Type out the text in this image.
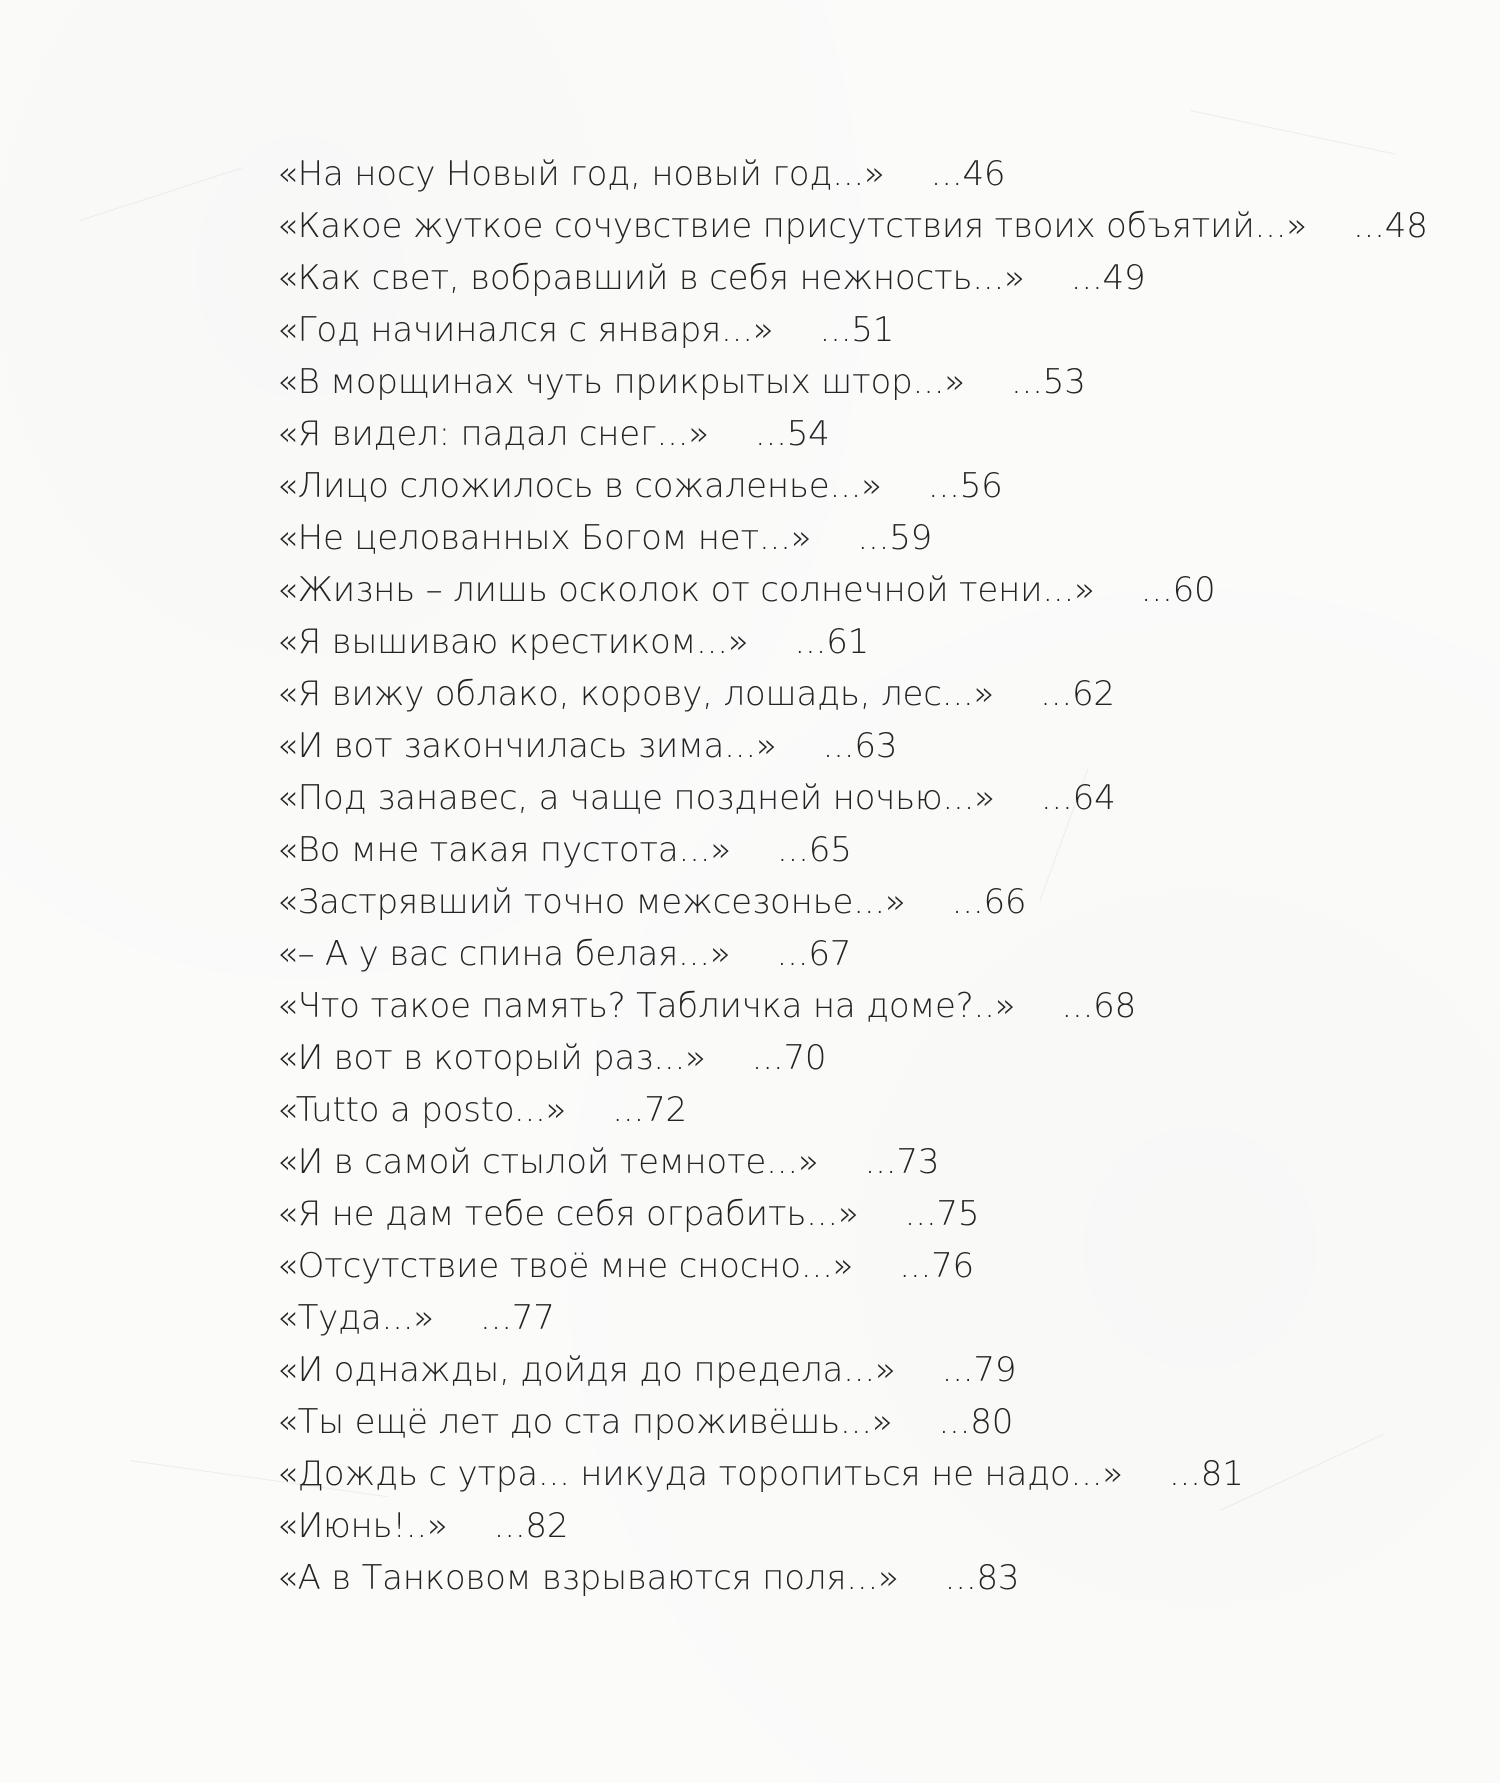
«На носу Новый год, новый год...» ...46
«Какое жуткое сочувствие присутствия твоих объятий...» ...48
«Как свет, вобравший в себя нежность...» ...49
«Год начинался с января...» ...51
«В морщинах чуть прикрытых штор...» ...53
«Я видел: падал снег...» ...54
«Лицо сложилось в сожаленье...» ...56
«Не целованных Богом нет...» ...59
«Жизнь – лишь осколок от солнечной тени...» ...60
«Я вышиваю крестиком...» ...61
«Я вижу облако, корову, лошадь, лес...» ...62
«И вот закончилась зима...» ...63
«Под занавес, а чаще поздней ночью...» ...64
«Во мне такая пустота...» ...65
«Застрявший точно межсезонье...» ...66
«– А у вас спина белая...» ...67
«Что такое память? Табличка на доме?..» ...68
«И вот в который раз...» ...70
«Tutto a posto...» ...72
«И в самой стылой темноте...» ...73
«Я не дам тебе себя ограбить...» ...75
«Отсутствие твоё мне сносно...» ...76
«Туда...» ...77
«И однажды, дойдя до предела...» ...79
«Ты ещё лет до ста проживёшь...» ...80
«Дождь с утра... никуда торопиться не надо...» ...81
«Июнь!..» ...82
«А в Танковом взрываются поля...» ...83
